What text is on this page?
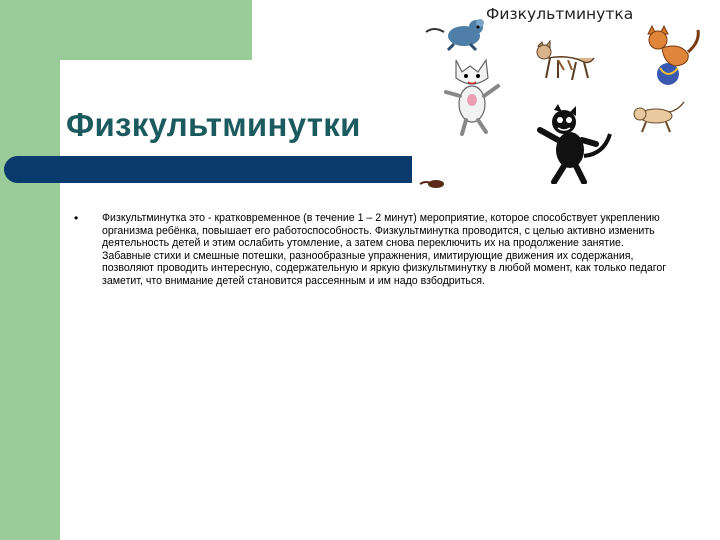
Физкультминутки
• Физкультминутка это - кратковременное (в течение 1 – 2 минут) мероприятие, которое способствует укреплению организма ребёнка, повышает его работоспособность. Физкультминутка проводится, с целью активно изменить деятельность детей и этим ослабить утомление, а затем снова переключить их на продолжение занятие. Забавные стихи и смешные потешки, разнообразные упражнения, имитирующие движения их содержания, позволяют проводить интересную, содержательную и яркую физкультминутку в любой момент, как только педагог заметит, что внимание детей становится рассеянным и им надо взбодриться.

Физкультминутка
